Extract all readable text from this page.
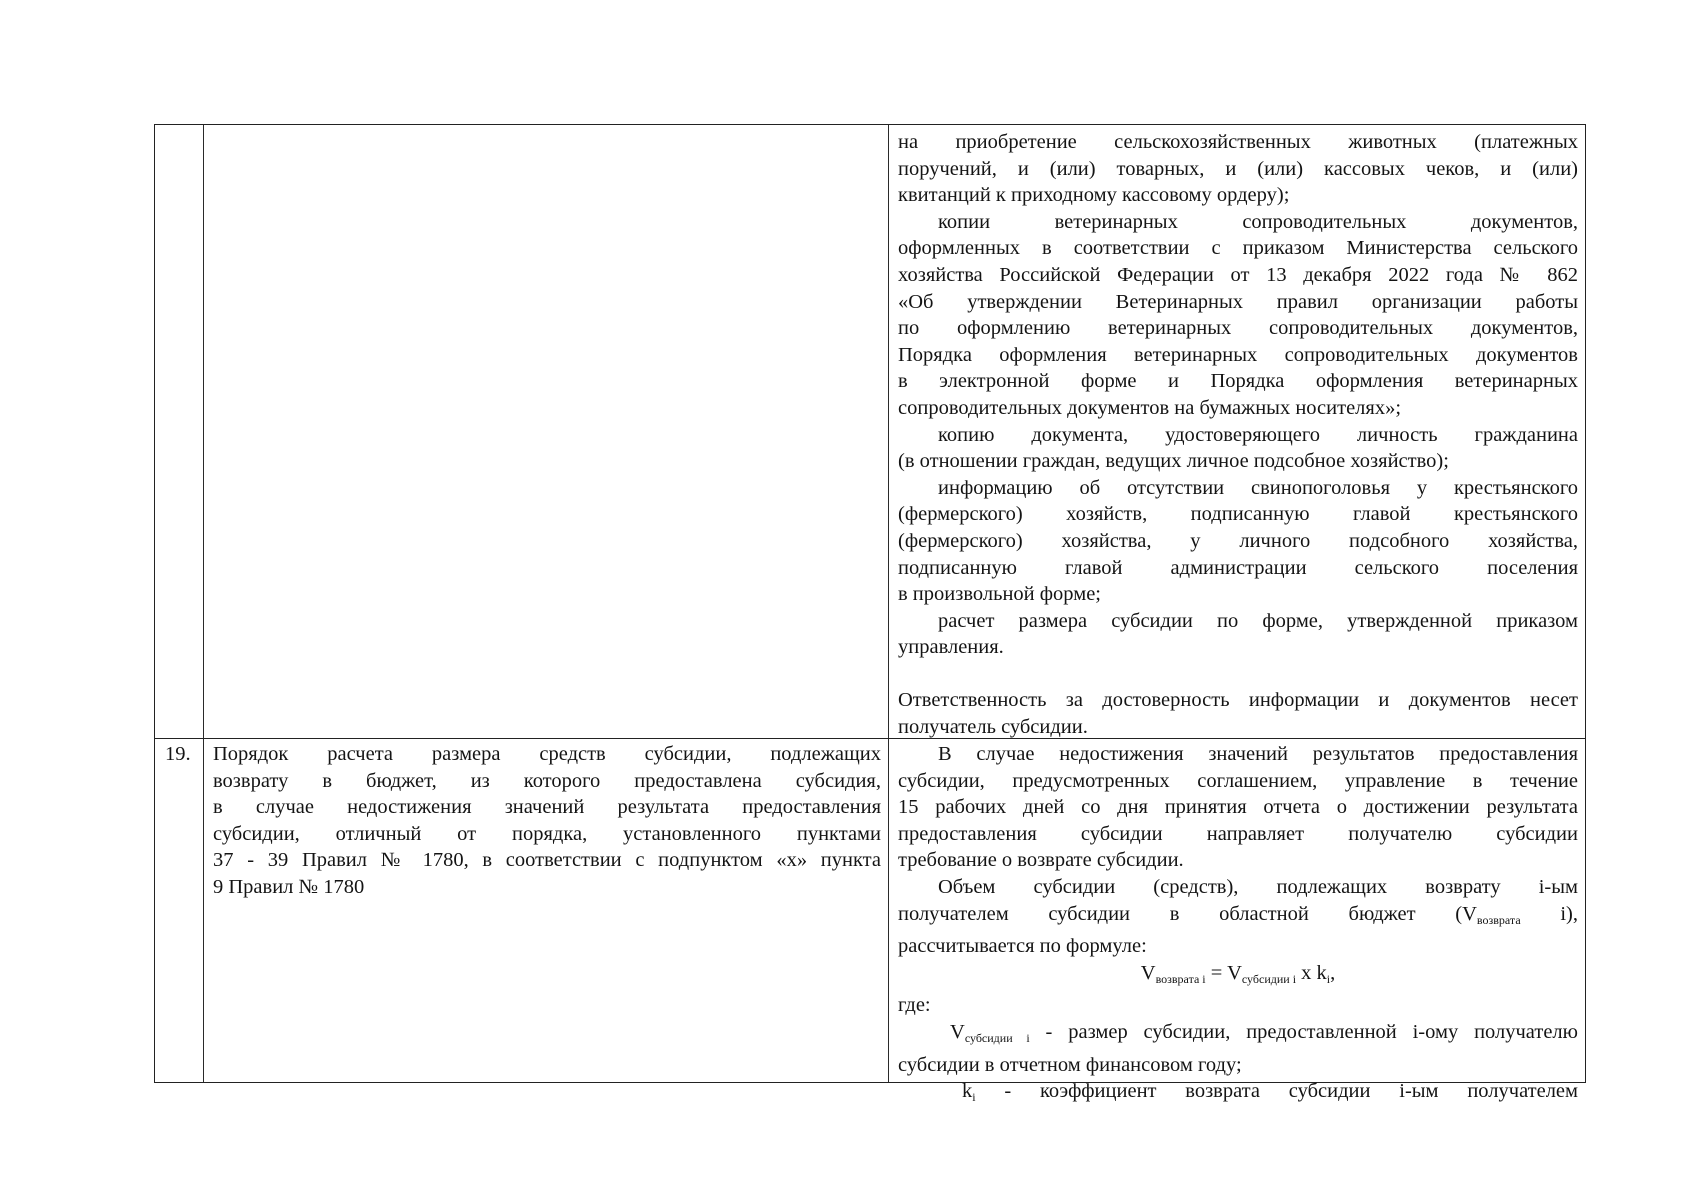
на приобретение сельскохозяйственных животных (платежных
поручений, и (или) товарных, и (или) кассовых чеков, и (или)
квитанций к приходному кассовому ордеру);
копии ветеринарных сопроводительных документов,
оформленных в соответствии с приказом Министерства сельского
хозяйства Российской Федерации от 13 декабря 2022 года № 862
«Об утверждении Ветеринарных правил организации работы
по оформлению ветеринарных сопроводительных документов,
Порядка оформления ветеринарных сопроводительных документов
в электронной форме и Порядка оформления ветеринарных
сопроводительных документов на бумажных носителях»;
копию документа, удостоверяющего личность гражданина
(в отношении граждан, ведущих личное подсобное хозяйство);
информацию об отсутствии свинопоголовья у крестьянского
(фермерского) хозяйств, подписанную главой крестьянского
(фермерского) хозяйства, у личного подсобного хозяйства,
подписанную главой администрации сельского поселения
в произвольной форме;
расчет размера субсидии по форме, утвержденной приказом
управления.

Ответственность за достоверность информации и документов несет
получатель субсидии.
19.	Порядок расчета размера средств субсидии, подлежащих
возврату в бюджет, из которого предоставлена субсидия,
в случае недостижения значений результата предоставления
субсидии, отличный от порядка, установленного пунктами
37 - 39 Правил № 1780, в соответствии с подпунктом «х» пункта
9 Правил № 1780
В случае недостижения значений результатов предоставления
субсидии, предусмотренных соглашением, управление в течение
15 рабочих дней со дня принятия отчета о достижении результата
предоставления субсидии направляет получателю субсидии
требование о возврате субсидии.
Объем субсидии (средств), подлежащих возврату i-ым
получателем субсидии в областной бюджет ($V_{возврата}$ i),
рассчитывается по формуле:
$V_{возврата i} = V_{субсидии i}$ x $k_i$,
где:
$V_{субсидии i}$ - размер субсидии, предоставленной i-ому получателю
субсидии в отчетном финансовом году;
$k_i$ - коэффициент возврата субсидии i-ым получателем
